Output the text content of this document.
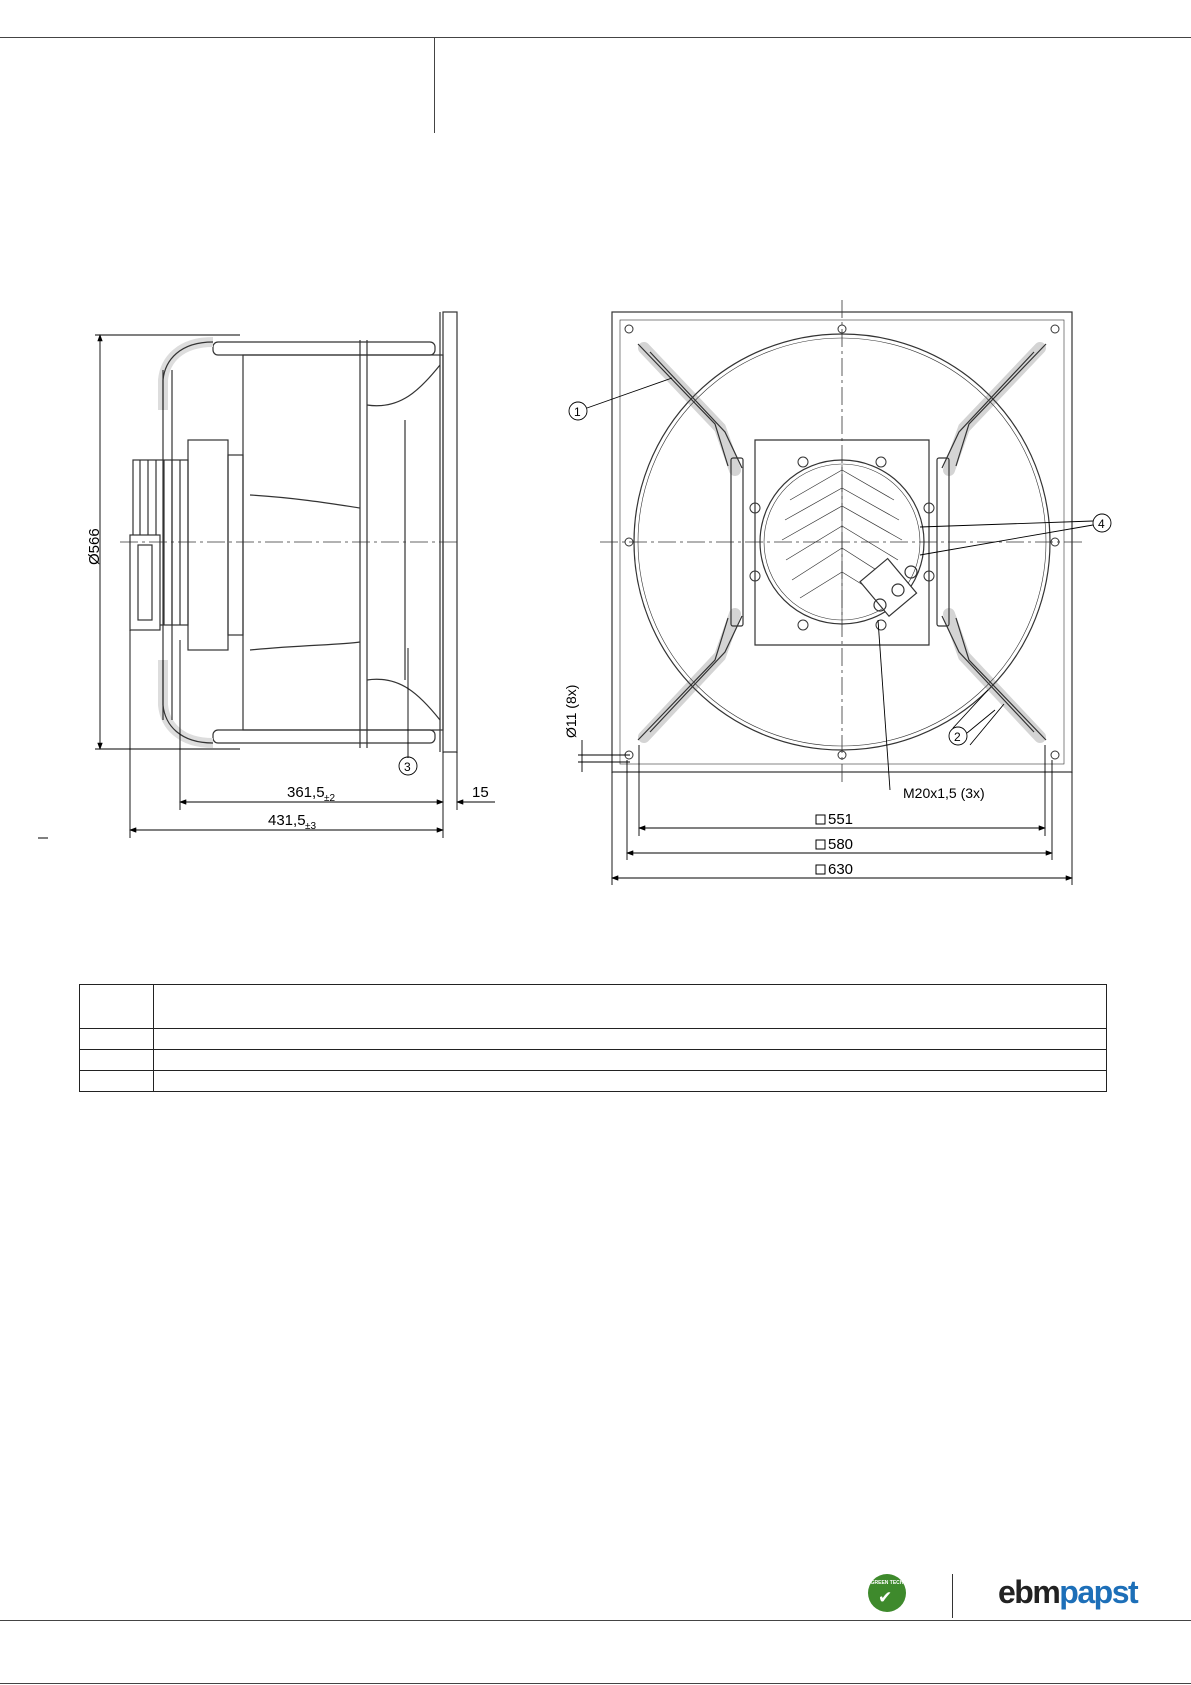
Ø566
361,5 ±2
431,5 ±3
15
3
1
4
2
Ø11 (8x)
M20x1,5 (3x)
551
580
630

GREEN TECH
✔	ebmpapst
